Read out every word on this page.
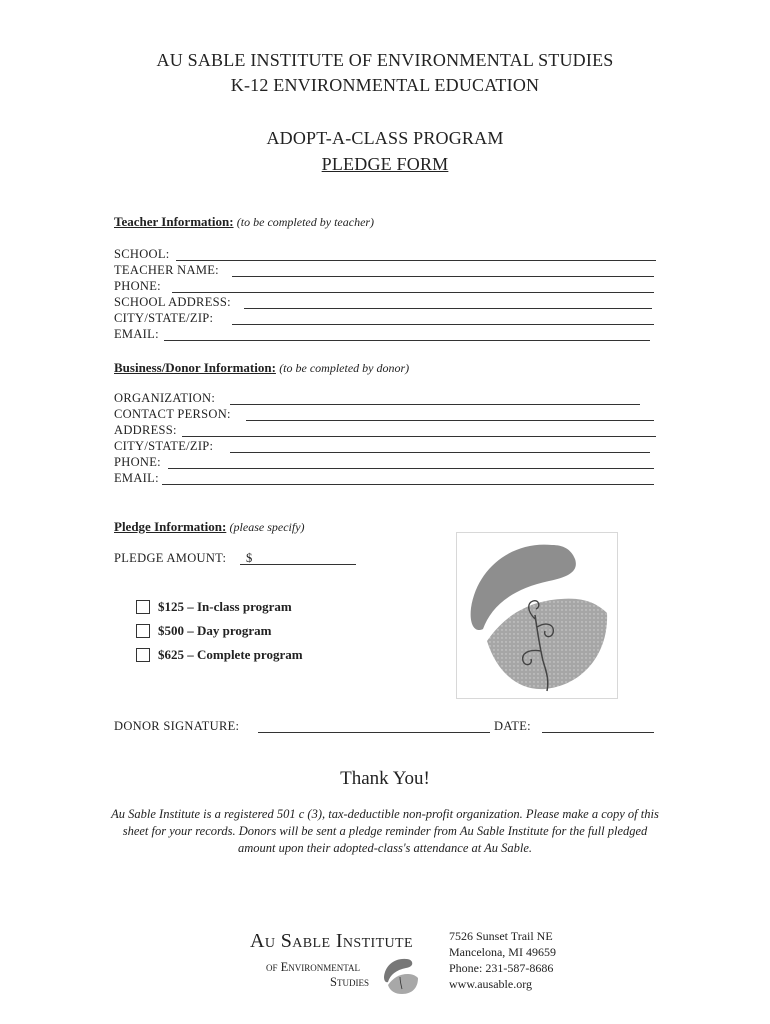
AU SABLE INSTITUTE OF ENVIRONMENTAL STUDIES
K-12 ENVIRONMENTAL EDUCATION
ADOPT-A-CLASS PROGRAM
PLEDGE FORM
Teacher Information: (to be completed by teacher)
SCHOOL:
TEACHER NAME:
PHONE:
SCHOOL ADDRESS:
CITY/STATE/ZIP:
EMAIL:
Business/Donor Information: (to be completed by donor)
ORGANIZATION:
CONTACT PERSON:
ADDRESS:
CITY/STATE/ZIP:
PHONE:
EMAIL:
Pledge Information: (please specify)
PLEDGE AMOUNT: $
$125 – In-class program
$500 – Day program
$625 – Complete program
DONOR SIGNATURE:	DATE:
Thank You!
Au Sable Institute is a registered 501 c (3), tax-deductible non-profit organization. Please make a copy of this sheet for your records. Donors will be sent a pledge reminder from Au Sable Institute for the full pledged amount upon their adopted-class's attendance at Au Sable.
Au Sable Institute
of Environmental
Studies
7526 Sunset Trail NE
Mancelona, MI 49659
Phone: 231-587-8686
www.ausable.org
